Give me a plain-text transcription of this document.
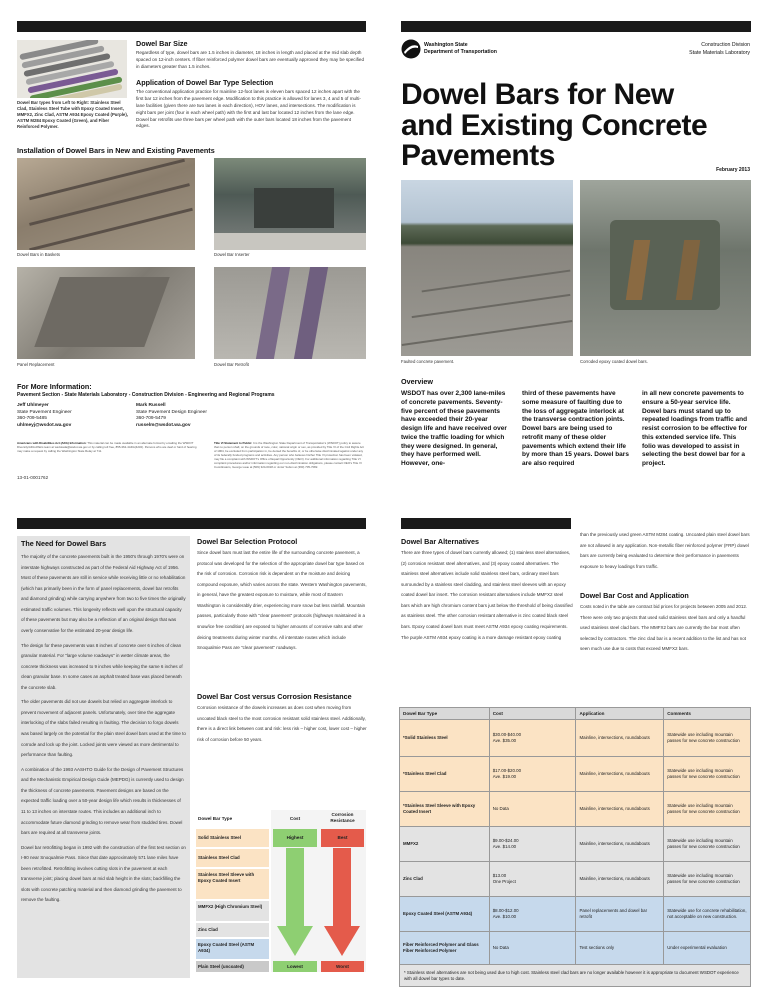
Dowel Bar types from Left to Right: Stainless Steel Clad, Stainless Steel Tube with Epoxy Coated Insert, MMFX2, Zinc Clad, ASTM A934 Epoxy Coated (Purple), ASTM M284 Epoxy Coated (Green), and Fiber Reinforced Polymer.
Dowel Bar Size
Regardless of type, dowel bars are 1.5 inches in diameter, 18 inches in length and placed at the mid slab depth spaced on 12-inch centers. If fiber reinforced polymer dowel bars are eventually approved they may be specified in diameters greater than 1.5 inches.
Application of Dowel Bar Type Selection
The conventional application practice for mainline 12-foot lanes is eleven bars spaced 12 inches apart with the first bar 12 inches from the pavement edge. Modification to this practice is allowed for lanes 3, 4 and 5 of multi-lane facilities (given there are two lanes in each direction), HOV lanes, and intersections. The modification is eight bars per joint (four in each wheel path) with the first and last bar located 12 inches from the lane edge. Dowel bar retrofits use three bars per wheel path with the outer bars located 18 inches from the pavement edges.
Installation of Dowel Bars in New and Existing Pavements
Dowel Bars in Baskets	Dowel Bar Inserter
Panel Replacement	Dowel Bar Retrofit
For More Information:
Pavement Section - State Materials Laboratory - Construction Division - Engineering and Regional Programs
Jeff Uhlmeyer
State Pavement Engineer
360-709-5485
uhlmeyj@wsdot.wa.gov
Mark Russell
State Pavement Design Engineer
360-709-5479
russelm@wsdot.wa.gov
Americans with Disabilities Act (ADA) Information: This material can be made available in an alternate format by emailing the WSDOT Diversity/ADA Affairs team at wsdotada@wsdot.wa.gov or by calling toll free, 855-362-4ADA(4232). Persons who are deaf or hard of hearing may make a request by calling the Washington State Relay at 711.
Title VI Statement to Public: It is the Washington State Department of Transportation's (WSDOT) policy to assure that no person shall, on the grounds of race, color, national origin or sex, as provided by Title VI of the Civil Rights Act of 1964, be excluded from participation in, be denied the benefits of, or be otherwise discriminated against under any of its federally funded programs and activities. Any person who believes his/her Title VI protection has been violated, may file a complaint with WSDOT's Office of Equal Opportunity (OEO). For additional information regarding Title VI complaint procedures and/or information regarding our non-discrimination obligations, please contact OEO's Title VI Coordinators, George Laue at (509) 324-6018 or Jonté' Sulton at (360) 705-7082.
13-01-0001762
Washington State
Department of Transportation
Construction Division
State Materials Laboratory
Dowel Bars for New
and Existing Concrete
Pavements	February 2013
Faulted concrete pavement.	Corroded epoxy coated dowel bars.
Overview
WSDOT has over 2,300 lane-miles of concrete pavements. Seventy-five percent of these pavements have exceeded their 20-year design life and have received over twice the traffic loading for which they were designed. In general, they have performed well. However, one-
third of these pavements have some measure of faulting due to the loss of aggregate interlock at the transverse contraction joints. Dowel bars are being used to retrofit many of these older pavements which extend their life by more than 15 years. Dowel bars are also required
in all new concrete pavements to ensure a 50-year service life. Dowel bars must stand up to repeated loadings from traffic and resist corrosion to be effective for this extended service life. This folio was developed to assist in selecting the best dowel bar for a project.
The Need for Dowel Bars
The majority of the concrete pavements built in the 1950's through 1970's were on interstate highways constructed as part of the Federal Aid Highway Act of 1956. Most of these pavements are still in service while receiving little or no rehabilitation (which has primarily been in the form of panel replacements, dowel bar retrofits and diamond grinding) while carrying anywhere from two to five times the originally estimated traffic volumes. This longevity reflects well upon the structural capacity of these pavements but may also be a reflection of an original design that was overly conservative for the estimated 20-year design life.
The design for these pavements was 8 inches of concrete over 6 inches of clean granular material. For "large volume roadways" in wetter climate areas, the concrete thickness was increased to 9 inches while keeping the same 6 inches of clean granular base. In some cases an asphalt treated base was placed beneath the concrete slab.
The older pavements did not use dowels but relied on aggregate interlock to prevent movement of adjacent panels. Unfortunately, over time the aggregate interlocking of the slabs failed resulting in faulting. The decision to forgo dowels was based largely on the potential for the plain steel dowel bars used at the time to corrode and lock up the joint. Locked joints were viewed as more detrimental to performance than faulting.
A combination of the 1993 AASHTO Guide for the Design of Pavement Structures and the Mechanistic Empirical Design Guide (MEPDG) is currently used to design the thickness of concrete pavements. Pavement designs are based on the expected traffic loading over a 50-year design life which results in thicknesses of 11 to 13 inches on interstate routes. This includes an additional inch to accommodate future diamond grinding to remove wear from studded tires. Dowel bars are required at all transverse joints.
Dowel bar retrofitting began in 1992 with the construction of the first test section on I-90 near Snoqualmie Pass. Since that date approximately 571 lane miles have been retrofitted. Retrofitting involves cutting slots in the pavement at each transverse joint; placing dowel bars at mid slab height in the slots; backfilling the slots with concrete patching material and then diamond grinding the pavement to remove the faulting.
Dowel Bar Selection Protocol
Since dowel bars must last the entire life of the surrounding concrete pavement, a protocol was developed for the selection of the appropriate dowel bar type based on the risk of corrosion. Corrosion risk is dependent on the moisture and deicing compound exposure, which varies across the state. Western Washington pavements, in general, have the greatest exposure to moisture, while most of Eastern Washington is considerably drier, experiencing more snow but less rainfall. Mountain passes, particularly those with "clear pavement" protocols (highways maintained in a snow/ice free condition) are exposed to higher amounts of corrosive salts and other deicing treatments during winter months. All interstate routes which include Snoqualmie Pass are "clear pavement" roadways.
Dowel Bar Cost versus Corrosion Resistance
Corrosion resistance of the dowels increases as does cost when moving from uncoated black steel to the most corrosion resistant solid stainless steel. Additionally, there is a direct link between cost and risk: less risk – higher cost, lower cost – higher risk of corrosion before 50 years.
Dowel Bar Type	Cost
Corrosion Resistance
Solid Stainless Steel
Stainless Steel Clad
Stainless Steel Sleeve with Epoxy Coated Insert
MMFX2 (High Chromium Steel)
Zinc Clad
Epoxy Coated Steel (ASTM A934)
Plain Steel (uncoated)
Highest	Best
Lowest	Worst
Dowel Bar Alternatives
There are three types of dowel bars currently allowed; (1) stainless steel alternatives, (2) corrosion resistant steel alternatives, and (3) epoxy coated alternatives. The stainless steel alternatives include solid stainless steel bars, ordinary steel bars surrounded by a stainless steel cladding, and stainless steel sleeves with an epoxy coated dowel bar insert. The corrosion resistant alternatives include MMFX2 steel bars which are high chromium content bars just below the threshold of being classified as stainless steel. The other corrosion resistant alternative is zinc coated black steel bars. Epoxy coated dowel bars must meet ASTM A934 epoxy coating requirements. The purple ASTM A934 epoxy coating is a more damage resistant epoxy coating
than the previously used green ASTM M284 coating. Uncoated plain steel dowel bars are not allowed in any application. Non-metallic fiber reinforced polymer (FRP) dowel bars are currently being evaluated to determine their performance in pavements exposure to heavy loadings from traffic.
Dowel Bar Cost and Application
Costs noted in the table are contract bid prices for projects between 2005 and 2012. There were only two projects that used solid stainless steel bars and only a handful used stainless steel clad bars. The MMFX2 bars are currently the bar most often selected by contractors. The zinc clad bar is a recent addition to the list and has not seen much use due to costs that exceed MMFX2 bars.
Dowel Bar Type	Cost	Application	Comments
*Solid Stainless Steel	$30.00-$40.00
Ave. $35.00	Mainline, intersections, roundabouts	Statewide use including mountain passes for new concrete construction
*Stainless Steel Clad	$17.00-$20.00
Ave. $19.00	Mainline, intersections, roundabouts	Statewide use including mountain passes for new concrete construction
*Stainless Steel Sleeve with Epoxy Coated Insert	No Data	Mainline, intersections, roundabouts	Statewide use including mountain passes for new concrete construction
MMFX2	$9.00-$24.00
Ave. $14.00	Mainline, intersections, roundabouts	Statewide use including mountain passes for new concrete construction
Zinc Clad	$13.00
One Project	Mainline, intersections, roundabouts	Statewide use including mountain passes for new concrete construction
Epoxy Coated Steel (ASTM A934)	$8.00-$12.00
Ave. $10.00	Panel replacements and dowel bar retrofit	Statewide use for concrete rehabilitation, not acceptable on new construction.
Fiber Reinforced Polymer and Glass Fiber Reinforced Polymer	No Data	Test sections only	Under experimental evaluation
* Stainless steel alternatives are not being used due to high cost. Stainless steel clad bars are no longer available however it is appropriate to document WSDOT experience with all dowel bar types to date.			
